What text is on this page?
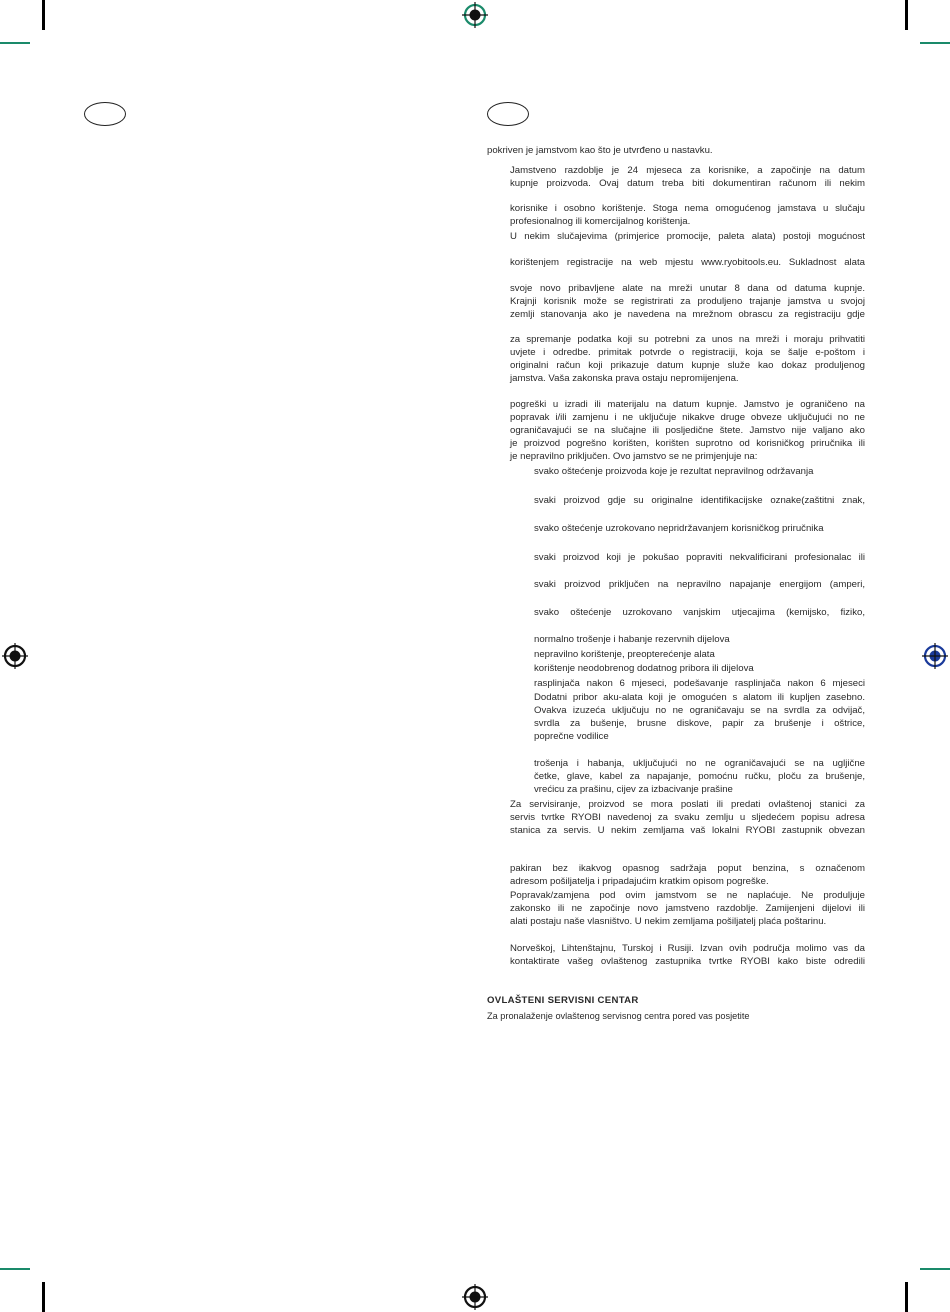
pokriven je jamstvom kao što je utvrđeno u nastavku.
Jamstveno razdoblje je 24 mjeseca za korisnike, a započinje na datum
kupnje proizvoda. Ovaj datum treba biti dokumentiran računom ili nekim
korisnike i osobno korištenje. Stoga nema omogućenog jamstava u slučaju
profesionalnog ili komercijalnog korištenja.
U nekim slučajevima (primjerice promocije, paleta alata) postoji mogućnost
korištenjem registracije na web mjestu www.ryobitools.eu. Sukladnost alata
svoje novo pribavljene alate na mreži unutar 8 dana od datuma kupnje.
Krajnji korisnik može se registrirati za produljeno trajanje jamstva u svojoj
zemlji stanovanja ako je navedena na mrežnom obrascu za registraciju gdje
za spremanje podatka koji su potrebni za unos na mreži i moraju prihvatiti
uvjete i odredbe. primitak potvrde o registraciji, koja se šalje e-poštom i
originalni račun koji prikazuje datum kupnje služe kao dokaz produljenog
jamstva. Vaša zakonska prava ostaju nepromijenjena.
pogreški u izradi ili materijalu na datum kupnje. Jamstvo je ograničeno na
popravak i/ili zamjenu i ne uključuje nikakve druge obveze uključujući no ne
ograničavajući se na slučajne ili posljedične štete. Jamstvo nije valjano ako
je proizvod pogrešno korišten, korišten suprotno od korisničkog priručnika ili
je nepravilno priključen. Ovo jamstvo se ne primjenjuje na:
svako oštećenje proizvoda koje je rezultat nepravilnog održavanja
svaki proizvod gdje su originalne identifikacijske oznake(zaštitni znak,
svako oštećenje uzrokovano nepridržavanjem korisničkog priručnika
svaki proizvod koji je pokušao popraviti nekvalificirani profesionalac ili
svaki proizvod priključen na nepravilno napajanje energijom (amperi,
svako oštećenje uzrokovano vanjskim utjecajima (kemijsko, fiziko,
normalno trošenje i habanje rezervnih dijelova
nepravilno korištenje, preopterećenje alata
korištenje neodobrenog dodatnog pribora ili dijelova
rasplinjača nakon 6 mjeseci, podešavanje rasplinjača nakon 6 mjeseci
Dodatni pribor aku-alata koji je omogućen s alatom ili kupljen zasebno.
Ovakva izuzeća uključuju no ne ograničavaju se na svrdla za odvijač,
svrdla za bušenje, brusne diskove, papir za brušenje i oštrice,
poprečne vodilice
trošenja i habanja, uključujući no ne ograničavajući se na ugljične
četke, glave, kabel za napajanje, pomoćnu ručku, ploču za brušenje,
vrećicu za prašinu, cijev za izbacivanje prašine
Za servisiranje, proizvod se mora poslati ili predati ovlaštenoj stanici za
servis tvrtke RYOBI navedenoj za svaku zemlju u sljedećem popisu adresa
stanica za servis. U nekim zemljama vaš lokalni RYOBI zastupnik obvezan
pakiran bez ikakvog opasnog sadržaja poput benzina, s označenom
adresom pošiljatelja i pripadajućim kratkim opisom pogreške.
Popravak/zamjena pod ovim jamstvom se ne naplaćuje. Ne produljuje
zakonsko ili ne započinje novo jamstveno razdoblje. Zamijenjeni dijelovi ili
alati postaju naše vlasništvo. U nekim zemljama pošiljatelj plaća poštarinu.
Norveškoj, Lihtenštajnu, Turskoj i Rusiji. Izvan ovih područja molimo vas da
kontaktirate vašeg ovlaštenog zastupnika tvrtke RYOBI kako biste odredili
OVLAŠTENI SERVISNI CENTAR
Za pronalaženje ovlaštenog servisnog centra pored vas posjetite
